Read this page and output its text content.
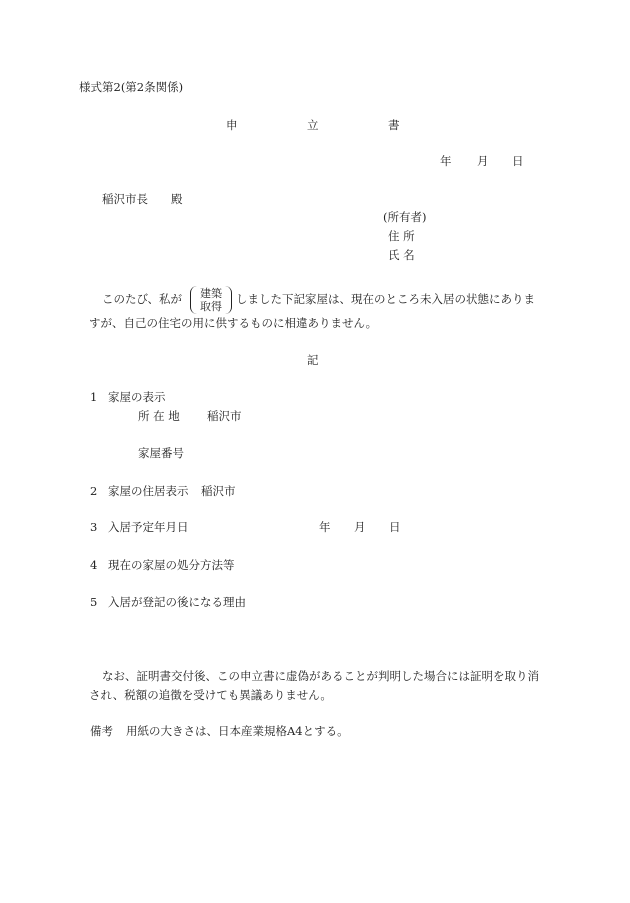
様式第2(第2条関係)
申	立	書
年 月 日
稲沢市長　　殿
(所有者)
住 所
氏 名
このたび、私が	建築
取得
しました下記家屋は、現在のところ未入居の状態にありま
すが、自己の住宅の用に供するものに相違ありません。
記
1 家屋の表示
所 在 地 稲沢市
家屋番号
2 家屋の住居表示 稲沢市
3 入居予定年月日	年 月 日
4 現在の家屋の処分方法等
5 入居が登記の後になる理由
なお、証明書交付後、この申立書に虚偽があることが判明した場合には証明を取り消
され、税額の追徴を受けても異議ありません。
備考 用紙の大きさは、日本産業規格A4とする。
